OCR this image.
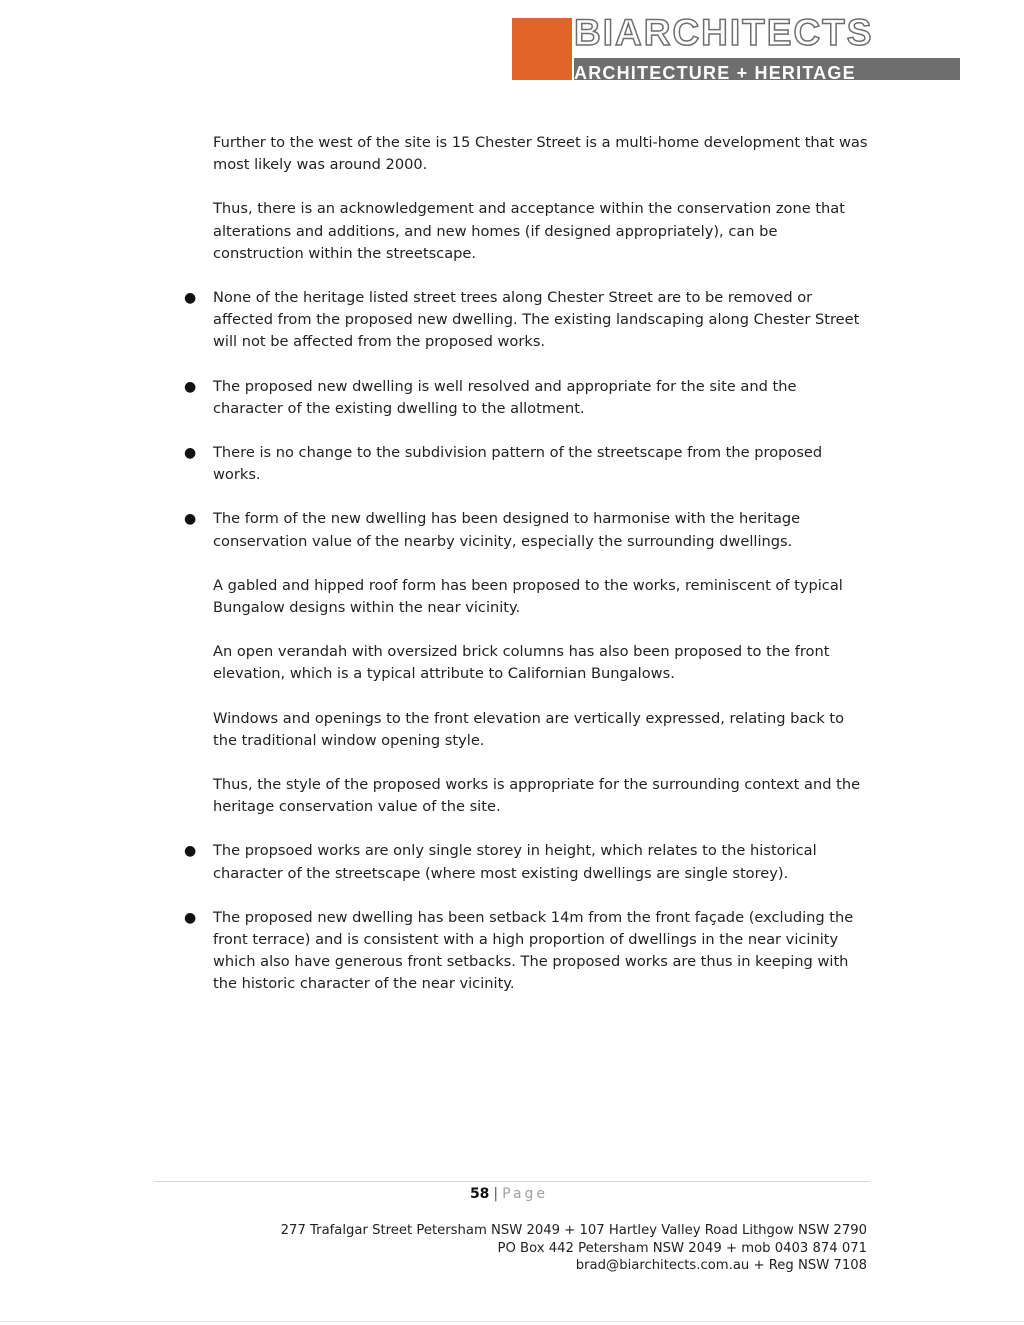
BIARCHITECTS
ARCHITECTURE + HERITAGE
Further to the west of the site is 15 Chester Street is a multi-home development that was most likely was around 2000.
Thus, there is an acknowledgement and acceptance within the conservation zone that alterations and additions, and new homes (if designed appropriately), can be construction within the streetscape.
● None of the heritage listed street trees along Chester Street are to be removed or affected from the proposed new dwelling. The existing landscaping along Chester Street will not be affected from the proposed works.
● The proposed new dwelling is well resolved and appropriate for the site and the character of the existing dwelling to the allotment.
● There is no change to the subdivision pattern of the streetscape from the proposed works.
● The form of the new dwelling has been designed to harmonise with the heritage conservation value of the nearby vicinity, especially the surrounding dwellings.
A gabled and hipped roof form has been proposed to the works, reminiscent of typical Bungalow designs within the near vicinity.
An open verandah with oversized brick columns has also been proposed to the front elevation, which is a typical attribute to Californian Bungalows.
Windows and openings to the front elevation are vertically expressed, relating back to the traditional window opening style.
Thus, the style of the proposed works is appropriate for the surrounding context and the heritage conservation value of the site.
● The propsoed works are only single storey in height, which relates to the historical character of the streetscape (where most existing dwellings are single storey).
● The proposed new dwelling has been setback 14m from the front façade (excluding the front terrace) and is consistent with a high proportion of dwellings in the near vicinity which also have generous front setbacks. The proposed works are thus in keeping with the historic character of the near vicinity.
58 | Page
277 Trafalgar Street Petersham NSW 2049 + 107 Hartley Valley Road Lithgow NSW 2790
PO Box 442 Petersham NSW 2049 + mob 0403 874 071
brad@biarchitects.com.au + Reg NSW 7108
